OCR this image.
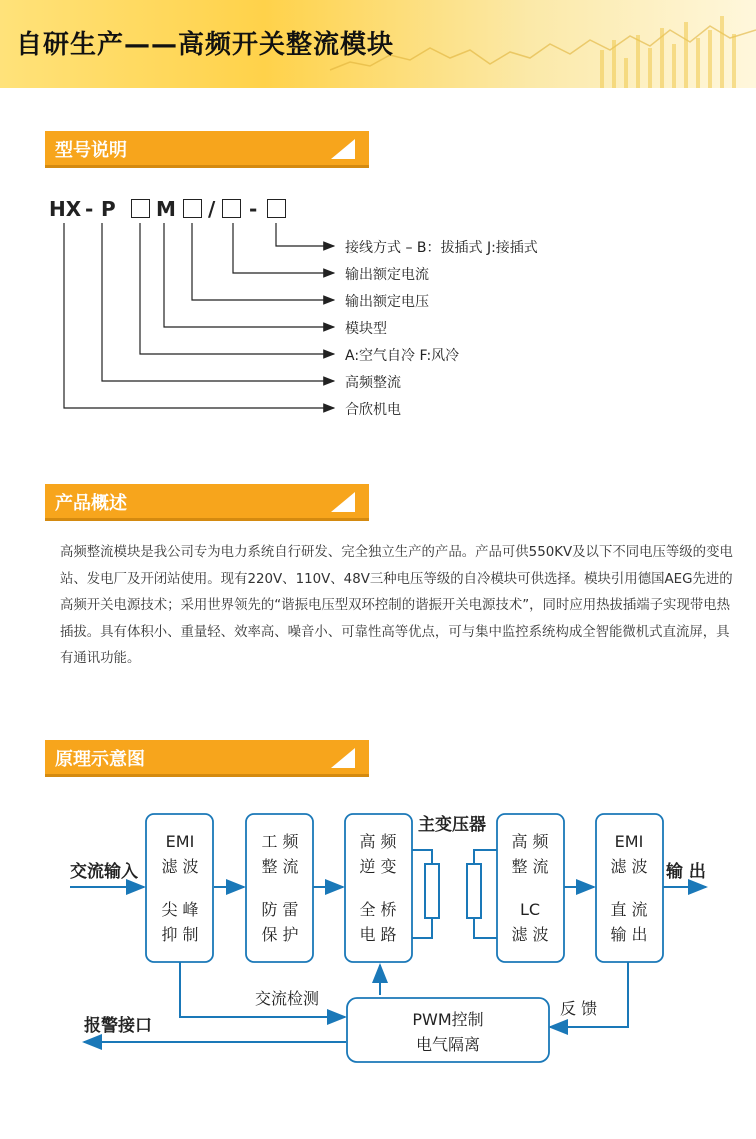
自研生产——高频开关整流模块
型号说明
HX - P M / -
接线方式 – B：拔插式 J:接插式
输出额定电流
输出额定电压
模块型
A:空气自冷 F:风冷
高频整流
合欣机电
产品概述
高频整流模块是我公司专为电力系统自行研发、完全独立生产的产品。产品可供550KV及以下不同电压等级的变电站、发电厂及开闭站使用。现有220V、110V、48V三种电压等级的自冷模块可供选择。模块引用德国AEG先进的高频开关电源技术；采用世界领先的“谐振电压型双环控制的谐振开关电源技术”，同时应用热拔插端子实现带电热插拔。具有体积小、重量轻、效率高、噪音小、可靠性高等优点，可与集中监控系统构成全智能微机式直流屏，具有通讯功能。
原理示意图
EMI
滤 波
尖 峰
抑 制
工 频
整 流
防 雷
保 护
高 频
逆 变
全 桥
电 路
高 频
整 流
LC
滤 波
EMI
滤 波
直 流
输 出
PWM控制
电气隔离
交流输入	输 出
主变压器
交流检测
反 馈
报警接口
